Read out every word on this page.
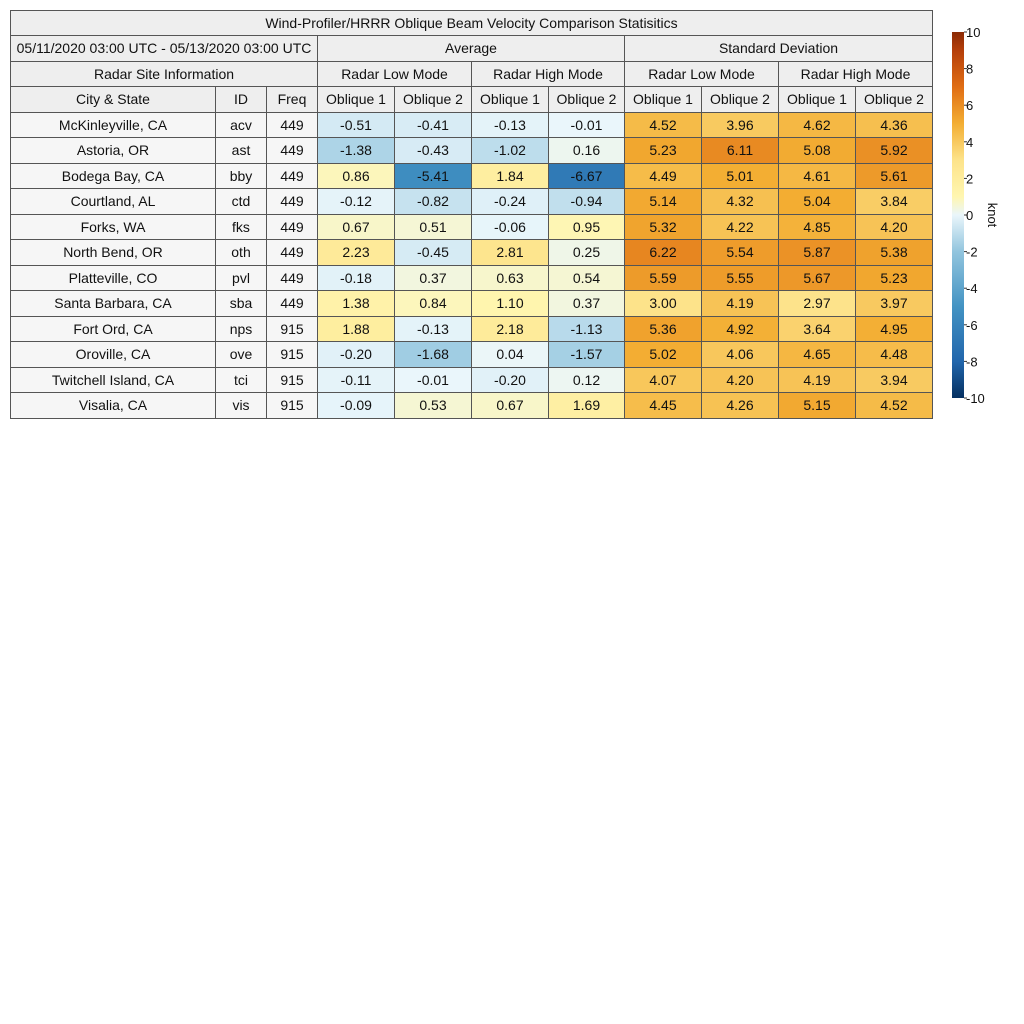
Wind-Profiler/HRRR Oblique Beam Velocity Comparison Statisitics										
05/11/2020 03:00 UTC - 05/13/2020 03:00 UTC			Average				Standard Deviation			
Radar Site Information			Radar Low Mode		Radar High Mode		Radar Low Mode		Radar High Mode	
City & State	ID	Freq	Oblique 1	Oblique 2	Oblique 1	Oblique 2	Oblique 1	Oblique 2	Oblique 1	Oblique 2
McKinleyville, CA	acv	449	-0.51	-0.41	-0.13	-0.01	4.52	3.96	4.62	4.36
Astoria, OR	ast	449	-1.38	-0.43	-1.02	0.16	5.23	6.11	5.08	5.92
Bodega Bay, CA	bby	449	0.86	-5.41	1.84	-6.67	4.49	5.01	4.61	5.61
Courtland, AL	ctd	449	-0.12	-0.82	-0.24	-0.94	5.14	4.32	5.04	3.84
Forks, WA	fks	449	0.67	0.51	-0.06	0.95	5.32	4.22	4.85	4.20
North Bend, OR	oth	449	2.23	-0.45	2.81	0.25	6.22	5.54	5.87	5.38
Platteville, CO	pvl	449	-0.18	0.37	0.63	0.54	5.59	5.55	5.67	5.23
Santa Barbara, CA	sba	449	1.38	0.84	1.10	0.37	3.00	4.19	2.97	3.97
Fort Ord, CA	nps	915	1.88	-0.13	2.18	-1.13	5.36	4.92	3.64	4.95
Oroville, CA	ove	915	-0.20	-1.68	0.04	-1.57	5.02	4.06	4.65	4.48
Twitchell Island, CA	tci	915	-0.11	-0.01	-0.20	0.12	4.07	4.20	4.19	3.94
Visalia, CA	vis	915	-0.09	0.53	0.67	1.69	4.45	4.26	5.15	4.52
10
8
6
4
2
0
-2
-4
-6
-8
-10
knot
